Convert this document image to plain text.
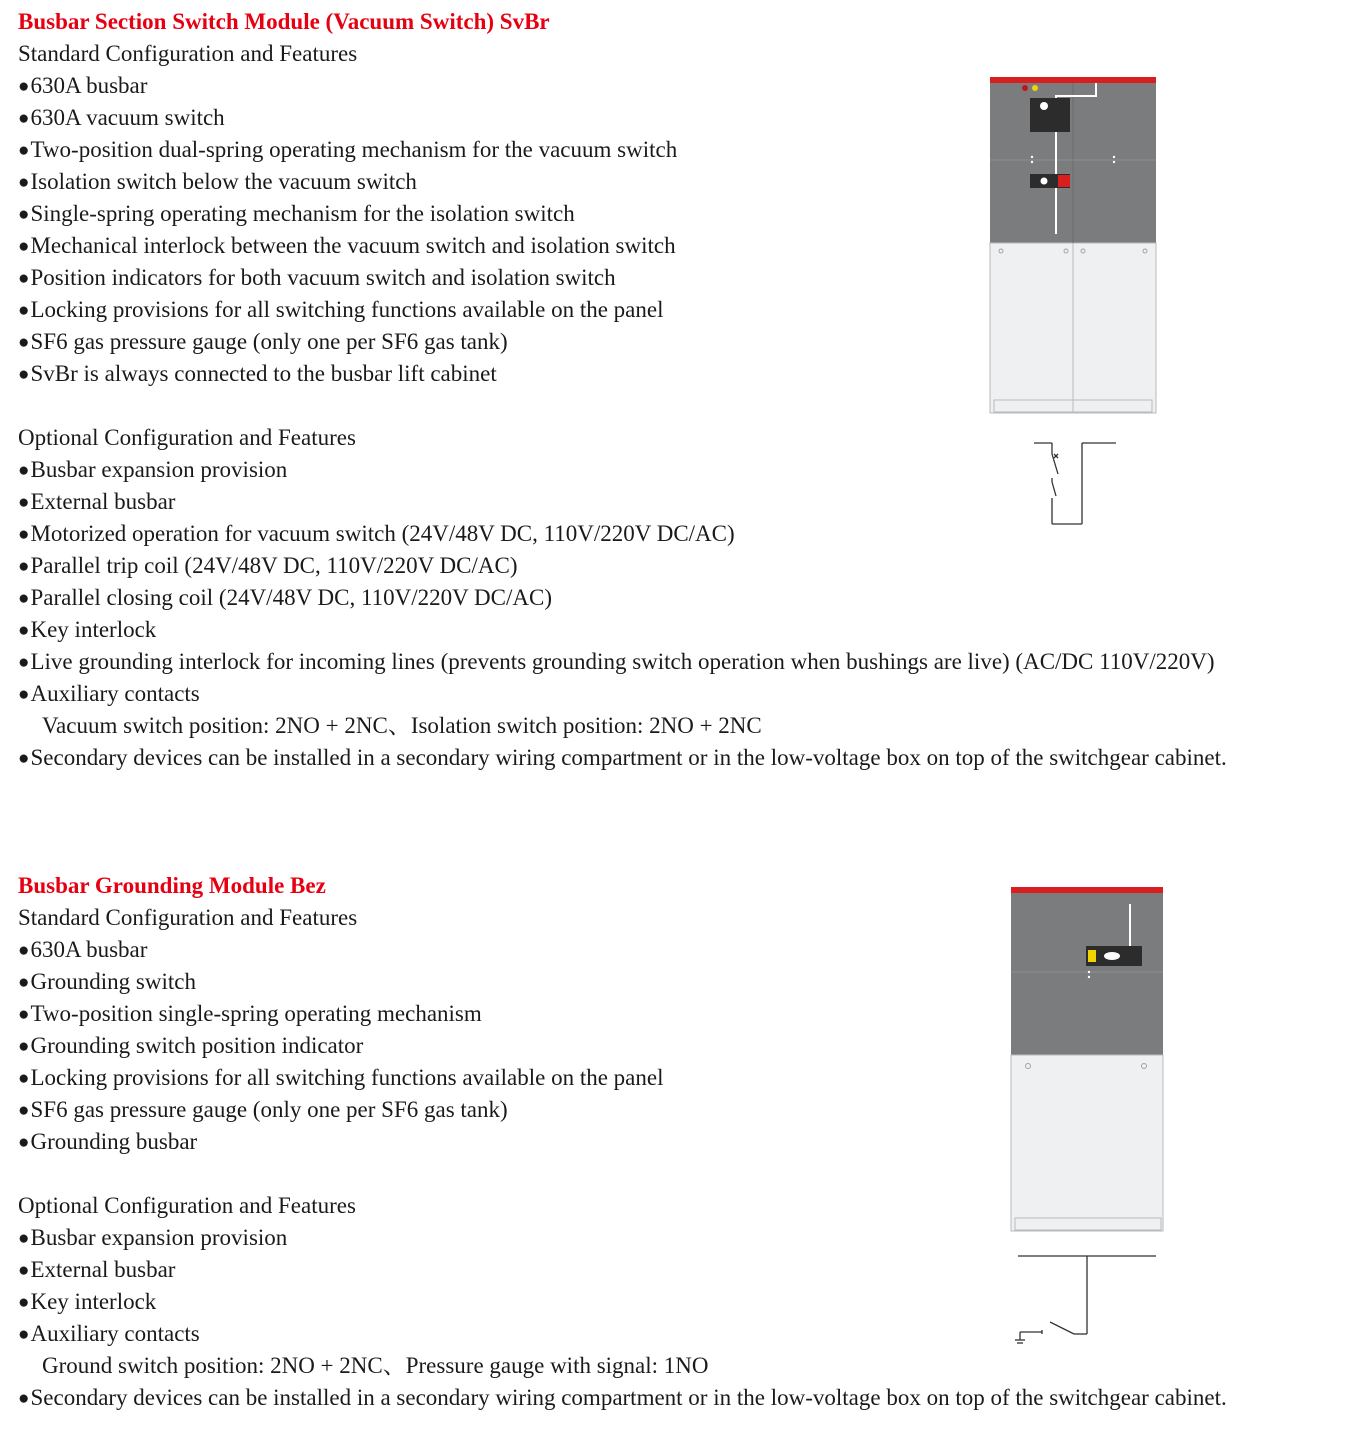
Busbar Section Switch Module (Vacuum Switch) SvBr
Standard Configuration and Features
● 630A busbar
● 630A vacuum switch
● Two-position dual-spring operating mechanism for the vacuum switch
● Isolation switch below the vacuum switch
● Single-spring operating mechanism for the isolation switch
● Mechanical interlock between the vacuum switch and isolation switch
● Position indicators for both vacuum switch and isolation switch
● Locking provisions for all switching functions available on the panel
● SF6 gas pressure gauge (only one per SF6 gas tank)
● SvBr is always connected to the busbar lift cabinet
Optional Configuration and Features
● Busbar expansion provision
● External busbar
● Motorized operation for vacuum switch (24V/48V DC, 110V/220V DC/AC)
● Parallel trip coil (24V/48V DC, 110V/220V DC/AC)
● Parallel closing coil (24V/48V DC, 110V/220V DC/AC)
● Key interlock
● Live grounding interlock for incoming lines (prevents grounding switch operation when bushings are live) (AC/DC 110V/220V)
● Auxiliary contacts
Vacuum switch position: 2NO + 2NC、Isolation switch position: 2NO + 2NC
● Secondary devices can be installed in a secondary wiring compartment or in the low-voltage box on top of the switchgear cabinet.
Busbar Grounding Module Bez
Standard Configuration and Features
● 630A busbar
● Grounding switch
● Two-position single-spring operating mechanism
● Grounding switch position indicator
● Locking provisions for all switching functions available on the panel
● SF6 gas pressure gauge (only one per SF6 gas tank)
● Grounding busbar
Optional Configuration and Features
● Busbar expansion provision
● External busbar
● Key interlock
● Auxiliary contacts
Ground switch position: 2NO + 2NC、Pressure gauge with signal: 1NO
● Secondary devices can be installed in a secondary wiring compartment or in the low-voltage box on top of the switchgear cabinet.
